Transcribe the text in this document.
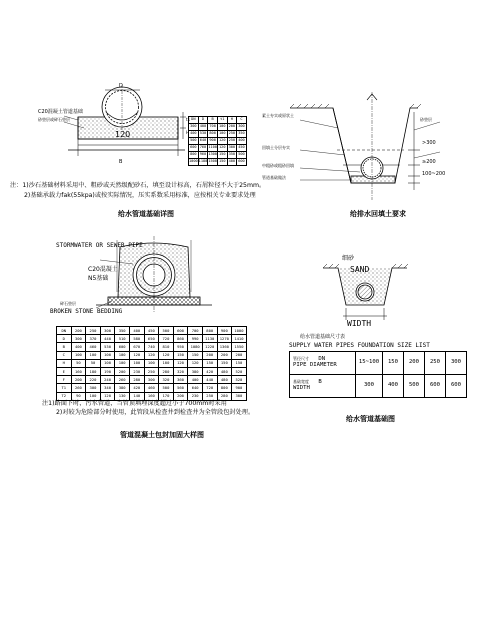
C20混凝土管道基础
砂垫层或碎石垫层
120
D
B
t1
H
DN	D	B	t1	H	C
300	400	700	100	200	300
400	530	800	100	250	350
500	640	900	120	250	400
600	760	1100	120	300	450
800	960	1300	150	350	500
1000	1180	1500	150	400	600
注：1)沙石基础材料采用中、粗砂或天然级配砂石，填至设计标高，石屑粒径不大于25mm。
2)基础承载力fak(55kpa)或按实际情况，压实系数采用标准，应按相关专业要求处理
给水管道基础详图
素土夯实或原状土
回填土分层夯实
中粗砂或粗砂回填
管道基础做法
砂垫层
>300
≥200
100~200
给排水回填土要求
STORMWATER OR SEWER PIPE
C20混凝土
N5基础
碎石垫层
BROKEN STONE BEDDING
DN	200	250	300	350	400	450	500	600	700	800	900	1000
D	300	370	440	510	580	650	720	860	990	1130	1270	1410
B	400	460	530	600	670	740	810	950	1080	1220	1360	1550
C	100	100	100	100	120	120	120	150	150	200	200	200
H	50	50	100	100	100	100	100	120	120	150	150	150
E	160	180	190	200	230	250	280	320	380	420	480	520
F	200	220	240	260	280	300	320	360	400	440	480	520
T1	260	300	340	380	420	460	500	560	640	720	800	900
T2	90	100	120	130	140	160	170	200	230	250	280	300
注1)路面下时，污水管道，当管顶填埋深度超过小于700mm时采用
2)对较为危险部分时使用，此管段从检查井到检查井为全管段包封处理。
管道混凝土包封加固大样图
细砂
SAND
WIDTH
给水管道基础尺寸表
SUPPLY WATER PIPES FOUNDATION SIZE LIST
管径尺寸 DN
PIPE DIAMETER	15~100	150	200	250	300
基础宽度 B
WIDTH	300	400	500	600	600
给水管道基础图
